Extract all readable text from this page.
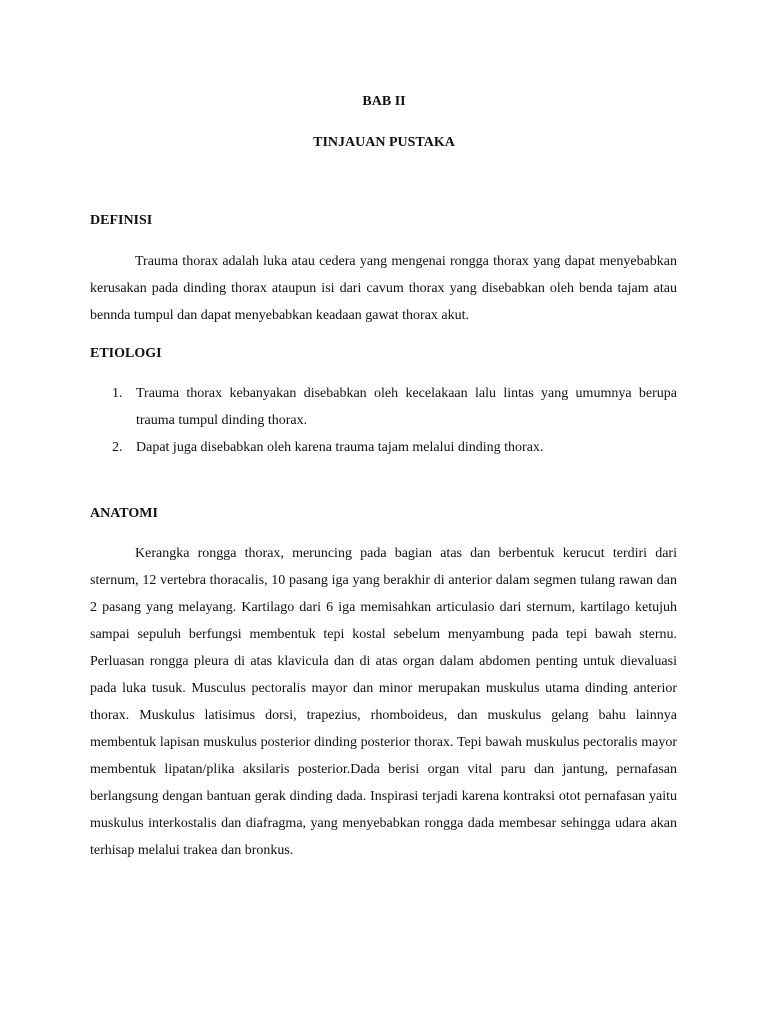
BAB II
TINJAUAN PUSTAKA
DEFINISI
Trauma thorax adalah luka atau cedera yang mengenai rongga thorax yang dapat menyebabkan kerusakan pada dinding thorax ataupun isi dari cavum thorax yang disebabkan oleh benda tajam atau bennda tumpul dan dapat menyebabkan keadaan gawat thorax akut.
ETIOLOGI
1. Trauma thorax kebanyakan disebabkan oleh kecelakaan lalu lintas yang umumnya berupa trauma tumpul dinding thorax.
2. Dapat juga disebabkan oleh karena trauma tajam melalui dinding thorax.
ANATOMI
Kerangka rongga thorax, meruncing pada bagian atas dan berbentuk kerucut terdiri dari sternum, 12 vertebra thoracalis, 10 pasang iga yang berakhir di anterior dalam segmen tulang rawan dan 2 pasang yang melayang. Kartilago dari 6 iga memisahkan articulasio dari sternum, kartilago ketujuh sampai sepuluh berfungsi membentuk tepi kostal sebelum menyambung pada tepi bawah sternu. Perluasan rongga pleura di atas klavicula dan di atas organ dalam abdomen penting untuk dievaluasi pada luka tusuk. Musculus pectoralis mayor dan minor merupakan muskulus utama dinding anterior thorax. Muskulus latisimus dorsi, trapezius, rhomboideus, dan muskulus gelang bahu lainnya membentuk lapisan muskulus posterior dinding posterior thorax. Tepi bawah muskulus pectoralis mayor membentuk lipatan/plika aksilaris posterior.Dada berisi organ vital paru dan jantung, pernafasan berlangsung dengan bantuan gerak dinding dada. Inspirasi terjadi karena kontraksi otot pernafasan yaitu muskulus interkostalis dan diafragma, yang menyebabkan rongga dada membesar sehingga udara akan terhisap melalui trakea dan bronkus.
